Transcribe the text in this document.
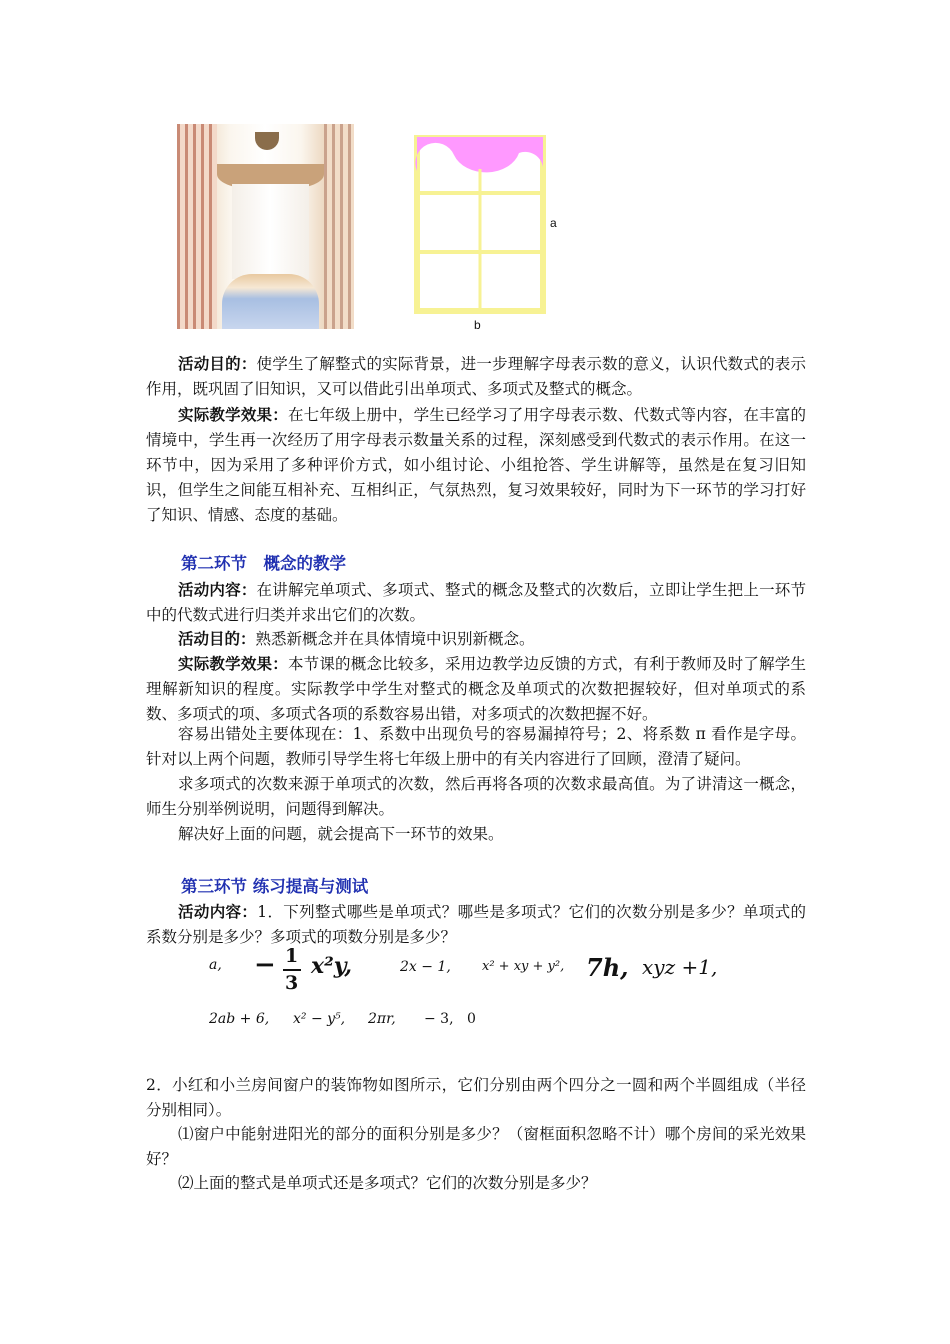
a
b

活动目的：使学生了解整式的实际背景，进一步理解字母表示数的意义，认识代数式的表示作用，既巩固了旧知识，又可以借此引出单项式、多项式及整式的概念。

实际教学效果：在七年级上册中，学生已经学习了用字母表示数、代数式等内容，在丰富的情境中，学生再一次经历了用字母表示数量关系的过程，深刻感受到代数式的表示作用。在这一环节中，因为采用了多种评价方式，如小组讨论、小组抢答、学生讲解等，虽然是在复习旧知识，但学生之间能互相补充、互相纠正，气氛热烈，复习效果较好，同时为下一环节的学习打好了知识、情感、态度的基础。

第二环节　概念的教学

活动内容：在讲解完单项式、多项式、整式的概念及整式的次数后，立即让学生把上一环节中的代数式进行归类并求出它们的次数。

活动目的：熟悉新概念并在具体情境中识别新概念。

实际教学效果：本节课的概念比较多，采用边教学边反馈的方式，有利于教师及时了解学生理解新知识的程度。实际教学中学生对整式的概念及单项式的次数把握较好，但对单项式的系数、多项式的项、多项式各项的系数容易出错，对多项式的次数把握不好。

容易出错处主要体现在：1、系数中出现负号的容易漏掉符号；2、将系数 π 看作是字母。针对以上两个问题，教师引导学生将七年级上册中的有关内容进行了回顾，澄清了疑问。

求多项式的次数来源于单项式的次数，然后再将各项的次数求最高值。为了讲清这一概念，师生分别举例说明，问题得到解决。

解决好上面的问题，就会提高下一环节的效果。

第三环节 练习提高与测试

活动内容：1．下列整式哪些是单项式？哪些是多项式？它们的次数分别是多少？单项式的系数分别是多少？多项式的项数分别是多少？

a, − 1
3
x²y,	2x − 1, x² + xy + y², 7h, xyz +1,
2ab + 6, x² − y⁵, 2πr, − 3, 0

2．小红和小兰房间窗户的装饰物如图所示，它们分别由两个四分之一圆和两个半圆组成（半径分别相同）。

⑴窗户中能射进阳光的部分的面积分别是多少？（窗框面积忽略不计）哪个房间的采光效果好？

⑵上面的整式是单项式还是多项式？它们的次数分别是多少？
